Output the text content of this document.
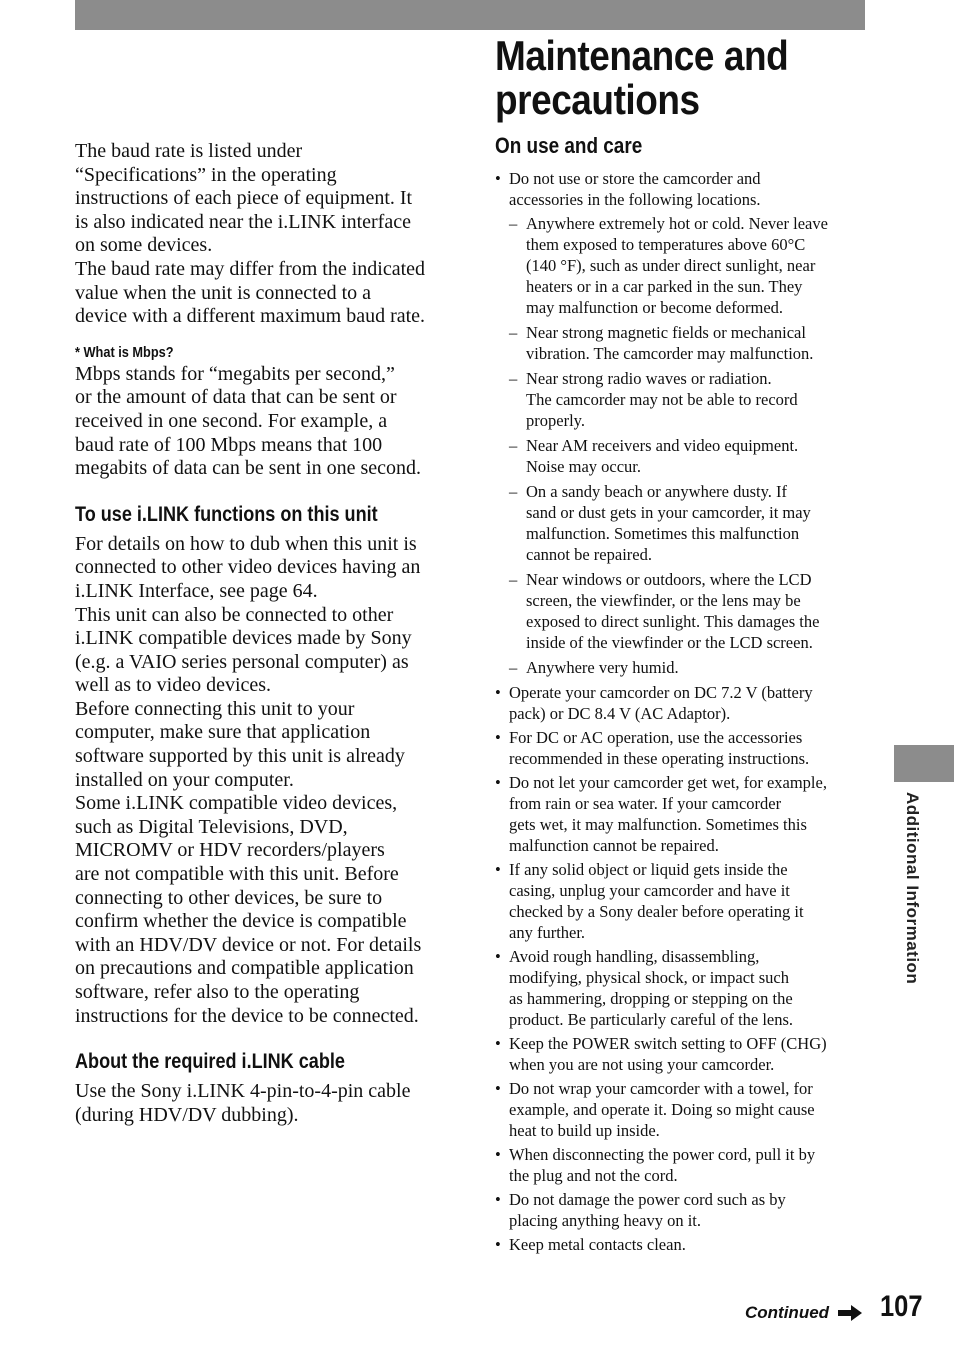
Additional Information
Maintenance and precautions

The baud rate is listed under
“Specifications” in the operating
instructions of each piece of equipment. It
is also indicated near the i.LINK interface
on some devices.
The baud rate may differ from the indicated
value when the unit is connected to a
device with a different maximum baud rate.

* What is Mbps?

Mbps stands for “megabits per second,”
or the amount of data that can be sent or
received in one second. For example, a
baud rate of 100 Mbps means that 100
megabits of data can be sent in one second.

To use i.LINK functions on this unit

For details on how to dub when this unit is
connected to other video devices having an
i.LINK Interface, see page 64.
This unit can also be connected to other
i.LINK compatible devices made by Sony
(e.g. a VAIO series personal computer) as
well as to video devices.
Before connecting this unit to your
computer, make sure that application
software supported by this unit is already
installed on your computer.
Some i.LINK compatible video devices,
such as Digital Televisions, DVD,
MICROMV or HDV recorders/players
are not compatible with this unit. Before
connecting to other devices, be sure to
confirm whether the device is compatible
with an HDV/DV device or not. For details
on precautions and compatible application
software, refer also to the operating
instructions for the device to be connected.

About the required i.LINK cable

Use the Sony i.LINK 4-pin-to-4-pin cable
(during HDV/DV dubbing).

On use and care
• Do not use or store the camcorder and
accessories in the following locations.
– Anywhere extremely hot or cold. Never leave
them exposed to temperatures above 60°C
(140 °F), such as under direct sunlight, near
heaters or in a car parked in the sun. They
may malfunction or become deformed.
– Near strong magnetic fields or mechanical
vibration. The camcorder may malfunction.
– Near strong radio waves or radiation.
The camcorder may not be able to record
properly.
– Near AM receivers and video equipment.
Noise may occur.
– On a sandy beach or anywhere dusty. If
sand or dust gets in your camcorder, it may
malfunction. Sometimes this malfunction
cannot be repaired.
– Near windows or outdoors, where the LCD
screen, the viewfinder, or the lens may be
exposed to direct sunlight. This damages the
inside of the viewfinder or the LCD screen.
– Anywhere very humid.
• Operate your camcorder on DC 7.2 V (battery
pack) or DC 8.4 V (AC Adaptor).
• For DC or AC operation, use the accessories
recommended in these operating instructions.
• Do not let your camcorder get wet, for example,
from rain or sea water. If your camcorder
gets wet, it may malfunction. Sometimes this
malfunction cannot be repaired.
• If any solid object or liquid gets inside the
casing, unplug your camcorder and have it
checked by a Sony dealer before operating it
any further.
• Avoid rough handling, disassembling,
modifying, physical shock, or impact such
as hammering, dropping or stepping on the
product. Be particularly careful of the lens.
• Keep the POWER switch setting to OFF (CHG)
when you are not using your camcorder.
• Do not wrap your camcorder with a towel, for
example, and operate it. Doing so might cause
heat to build up inside.
• When disconnecting the power cord, pull it by
the plug and not the cord.
• Do not damage the power cord such as by
placing anything heavy on it.
• Keep metal contacts clean.
Continued 107
